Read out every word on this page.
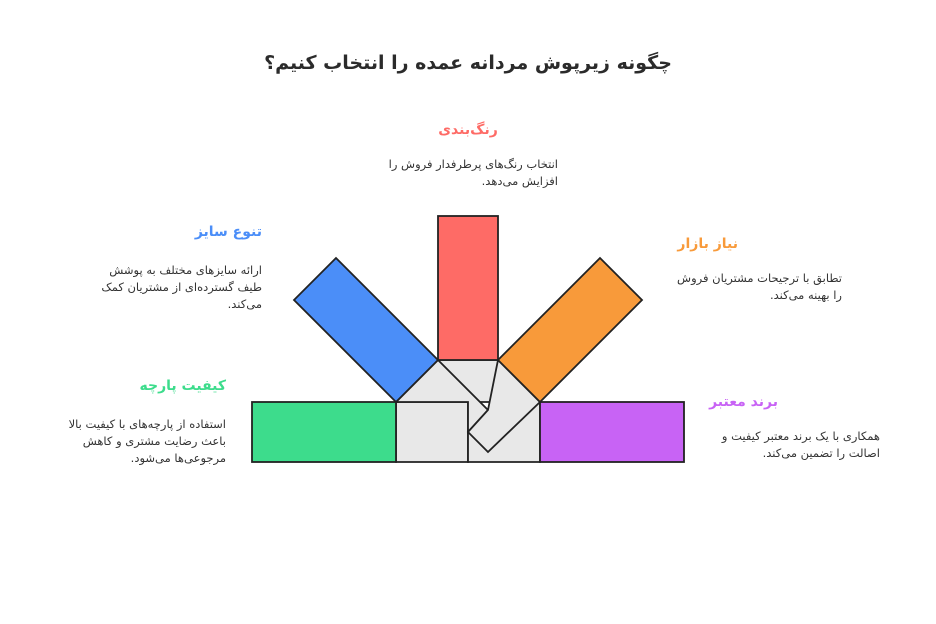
چگونه زیرپوش مردانه عمده را انتخاب کنیم؟
رنگ‌بندی
انتخاب رنگ‌های پرطرفدار فروش را افزایش می‌دهد.
تنوع سایز
ارائه سایزهای مختلف به پوشش طیف گسترده‌ای از مشتریان کمک می‌کند.
نیاز بازار
تطابق با ترجیحات مشتریان فروش را بهینه می‌کند.
کیفیت پارچه
استفاده از پارچه‌های با کیفیت بالا باعث رضایت مشتری و کاهش مرجوعی‌ها می‌شود.
برند معتبر
همکاری با یک برند معتبر کیفیت و اصالت را تضمین می‌کند.
